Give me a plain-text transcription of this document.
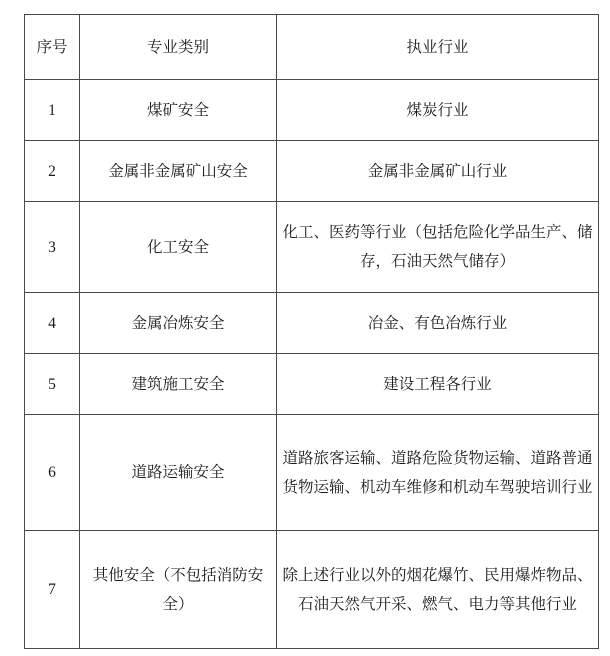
序号	专业类别	执业行业
1	煤矿安全	煤炭行业
2	金属非金属矿山安全	金属非金属矿山行业
3	化工安全	化工、医药等行业（包括危险化学品生产、储存，石油天然气储存）
4	金属冶炼安全	冶金、有色冶炼行业
5	建筑施工安全	建设工程各行业
6	道路运输安全	道路旅客运输、道路危险货物运输、道路普通货物运输、机动车维修和机动车驾驶培训行业
7	其他安全（不包括消防安全）	除上述行业以外的烟花爆竹、民用爆炸物品、石油天然气开采、燃气、电力等其他行业
